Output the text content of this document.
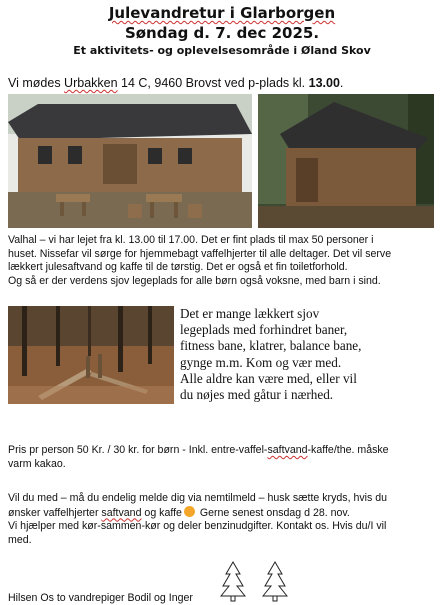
Julevandretur i Glarborgen
Søndag d. 7. dec 2025.
Et aktivitets- og oplevelsesområde i Øland Skov
Vi mødes Urbakken 14 C, 9460 Brovst ved p-plads kl. 13.00.
Valhal – vi har lejet fra kl. 13.00 til 17.00. Det er fint plads til max 50 personer i
huset. Nissefar vil sørge for hjemmebagt vaffelhjerter til alle deltager. Det vil serve
lækkert julesaftvand og kaffe til de tørstig. Det er også et fin toiletforhold.
Og så er der verdens sjov legeplads for alle børn også voksne, med barn i sind.
Det er mange lækkert sjov
legeplads med forhindret baner,
fitness bane, klatrer, balance bane,
gynge m.m. Kom og vær med.
Alle aldre kan være med, eller vil
du nøjes med gåtur i nærhed.
Pris pr person 50 Kr. / 30 kr. for børn - Inkl. entre-vaffel-saftvand-kaffe/the. måske
varm kakao.
Vil du med – må du endelig melde dig via nemtilmeld – husk sætte kryds, hvis du
ønsker vaffelhjerter saftvand og kaffe Gerne senest onsdag d 28. nov.
Vi hjælper med kør-sammen-kør og deler benzinudgifter. Kontakt os. Hvis du/I vil
med.
Hilsen Os to vandrepiger Bodil og Inger
